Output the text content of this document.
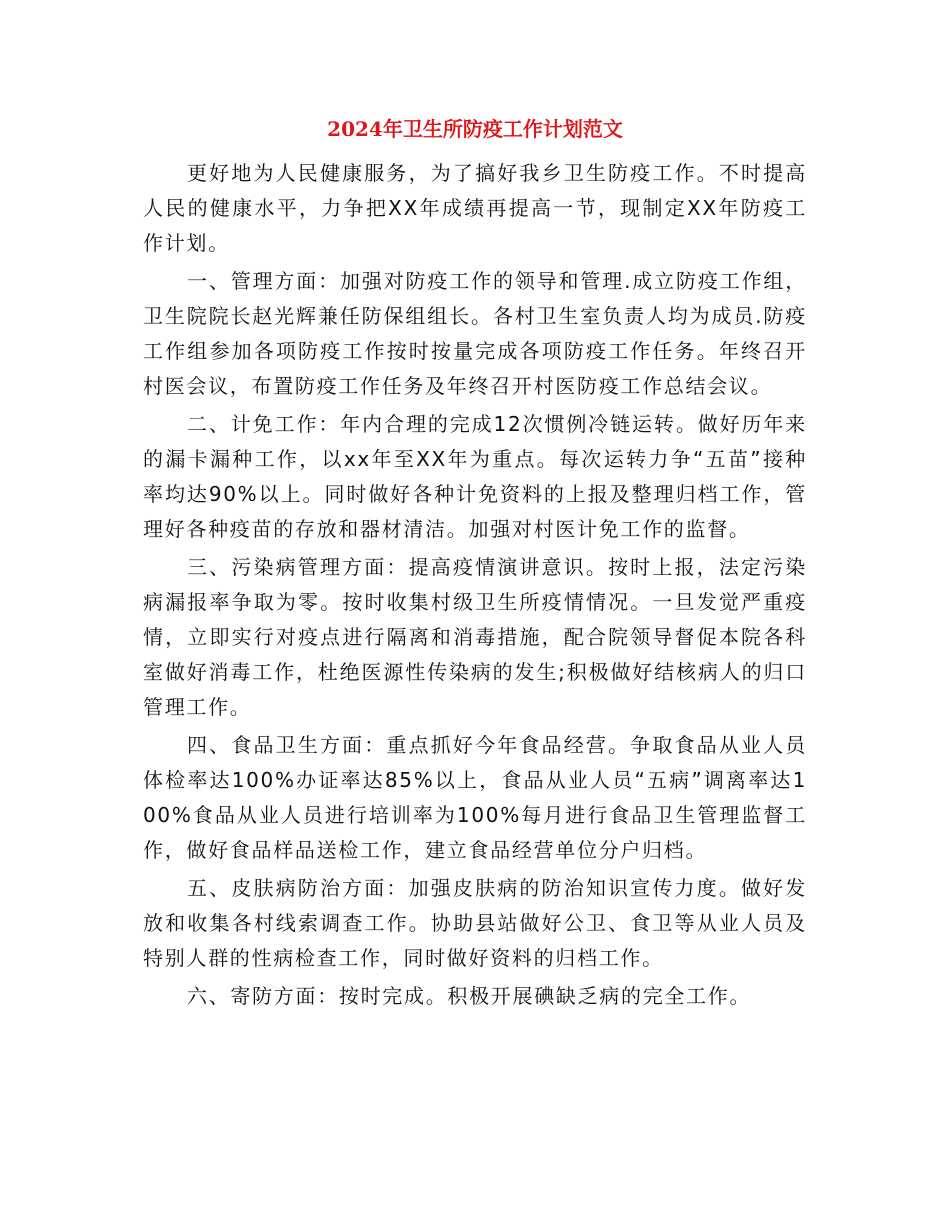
2024年卫生所防疫工作计划范文

更好地为人民健康服务，为了搞好我乡卫生防疫工作。不时提高人民的健康水平，力争把XX年成绩再提高一节，现制定XX年防疫工作计划。

一、管理方面：加强对防疫工作的领导和管理.成立防疫工作组，卫生院院长赵光辉兼任防保组组长。各村卫生室负责人均为成员.防疫工作组参加各项防疫工作按时按量完成各项防疫工作任务。年终召开村医会议，布置防疫工作任务及年终召开村医防疫工作总结会议。

二、计免工作：年内合理的完成12次惯例冷链运转。做好历年来的漏卡漏种工作，以xx年至XX年为重点。每次运转力争“五苗”接种率均达90%以上。同时做好各种计免资料的上报及整理归档工作，管理好各种疫苗的存放和器材清洁。加强对村医计免工作的监督。

三、污染病管理方面：提高疫情演讲意识。按时上报，法定污染病漏报率争取为零。按时收集村级卫生所疫情情况。一旦发觉严重疫情，立即实行对疫点进行隔离和消毒措施，配合院领导督促本院各科室做好消毒工作，杜绝医源性传染病的发生;积极做好结核病人的归口管理工作。

四、食品卫生方面：重点抓好今年食品经营。争取食品从业人员体检率达100%办证率达85%以上，食品从业人员“五病”调离率达100%食品从业人员进行培训率为100%每月进行食品卫生管理监督工作，做好食品样品送检工作，建立食品经营单位分户归档。

五、皮肤病防治方面：加强皮肤病的防治知识宣传力度。做好发放和收集各村线索调查工作。协助县站做好公卫、食卫等从业人员及特别人群的性病检查工作，同时做好资料的归档工作。

六、寄防方面：按时完成。积极开展碘缺乏病的完全工作。
